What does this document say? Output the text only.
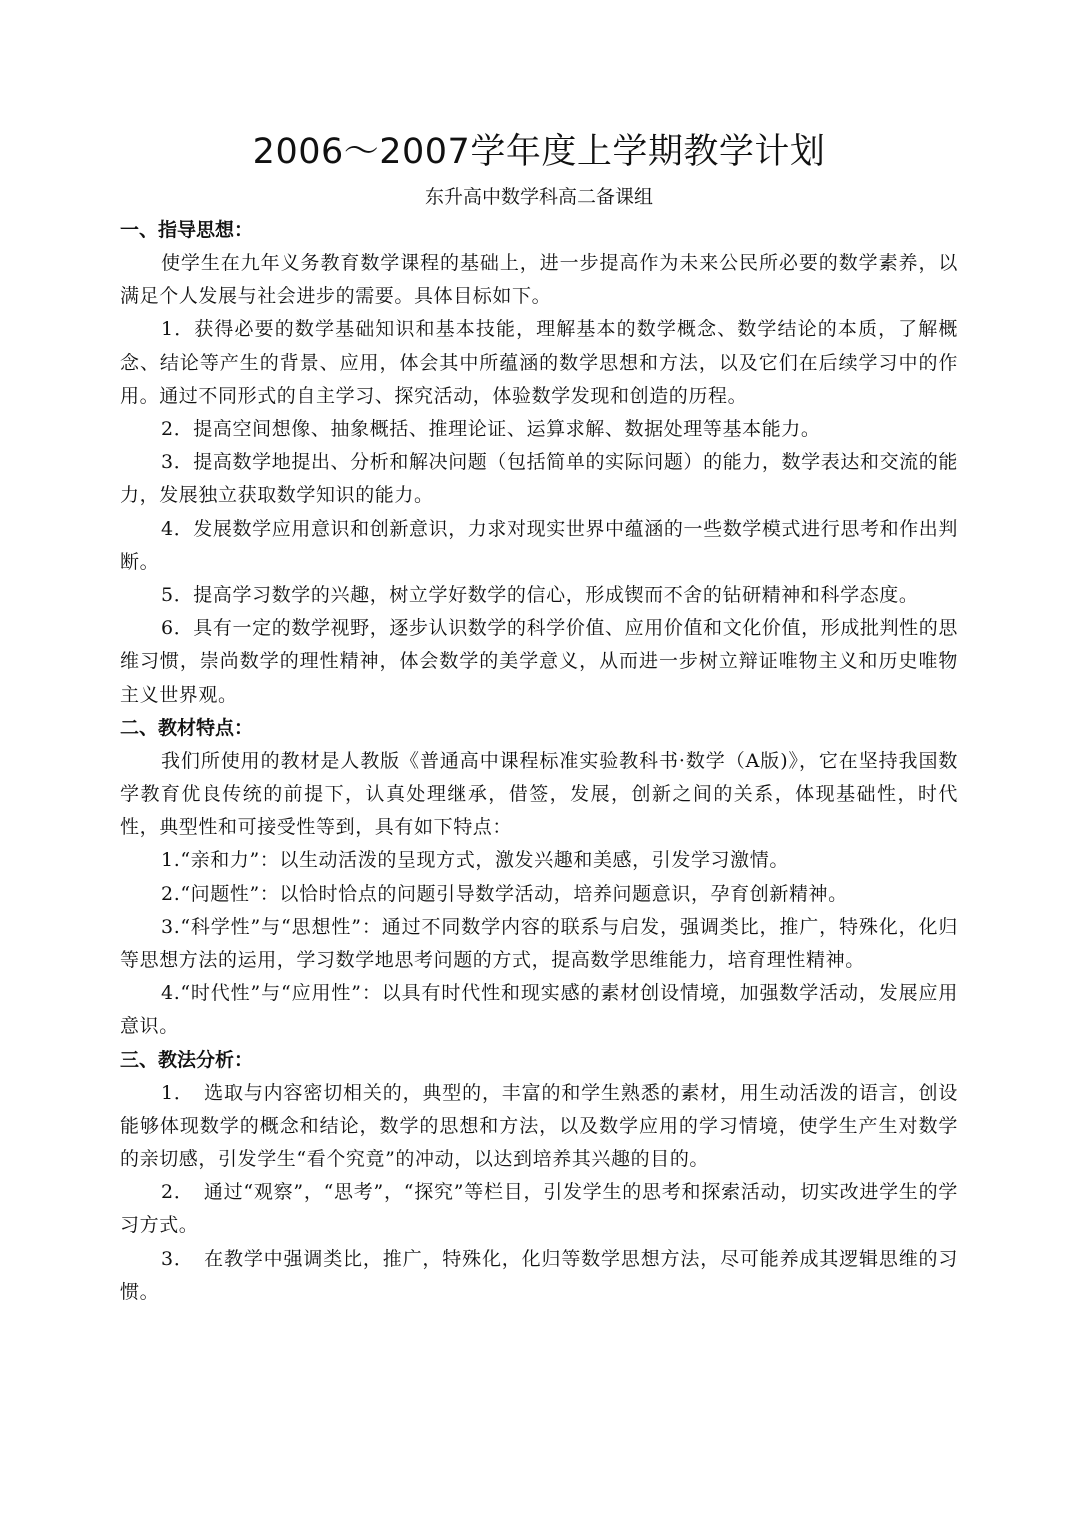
2006～2007学年度上学期教学计划

东升高中数学科高二备课组

一、指导思想：

使学生在九年义务教育数学课程的基础上，进一步提高作为未来公民所必要的数学素养，以满足个人发展与社会进步的需要。具体目标如下。

1．获得必要的数学基础知识和基本技能，理解基本的数学概念、数学结论的本质，了解概念、结论等产生的背景、应用，体会其中所蕴涵的数学思想和方法，以及它们在后续学习中的作用。通过不同形式的自主学习、探究活动，体验数学发现和创造的历程。

2．提高空间想像、抽象概括、推理论证、运算求解、数据处理等基本能力。

3．提高数学地提出、分析和解决问题（包括简单的实际问题）的能力，数学表达和交流的能力，发展独立获取数学知识的能力。

4．发展数学应用意识和创新意识，力求对现实世界中蕴涵的一些数学模式进行思考和作出判断。

5．提高学习数学的兴趣，树立学好数学的信心，形成锲而不舍的钻研精神和科学态度。

6．具有一定的数学视野，逐步认识数学的科学价值、应用价值和文化价值，形成批判性的思维习惯，崇尚数学的理性精神，体会数学的美学意义，从而进一步树立辩证唯物主义和历史唯物主义世界观。

二、教材特点：

我们所使用的教材是人教版《普通高中课程标准实验教科书·数学（A版)》，它在坚持我国数学教育优良传统的前提下，认真处理继承，借签，发展，创新之间的关系，体现基础性，时代性，典型性和可接受性等到，具有如下特点：

1.“亲和力”：以生动活泼的呈现方式，激发兴趣和美感，引发学习激情。

2.“问题性”：以恰时恰点的问题引导数学活动，培养问题意识，孕育创新精神。

3.“科学性”与“思想性”：通过不同数学内容的联系与启发，强调类比，推广，特殊化，化归等思想方法的运用，学习数学地思考问题的方式，提高数学思维能力，培育理性精神。

4.“时代性”与“应用性”：以具有时代性和现实感的素材创设情境，加强数学活动，发展应用意识。

三、教法分析：

1．　选取与内容密切相关的，典型的，丰富的和学生熟悉的素材，用生动活泼的语言，创设能够体现数学的概念和结论，数学的思想和方法，以及数学应用的学习情境，使学生产生对数学的亲切感，引发学生“看个究竟”的冲动，以达到培养其兴趣的目的。

2．　通过“观察”，“思考”，“探究”等栏目，引发学生的思考和探索活动，切实改进学生的学习方式。

3．　在教学中强调类比，推广，特殊化，化归等数学思想方法，尽可能养成其逻辑思维的习惯。
